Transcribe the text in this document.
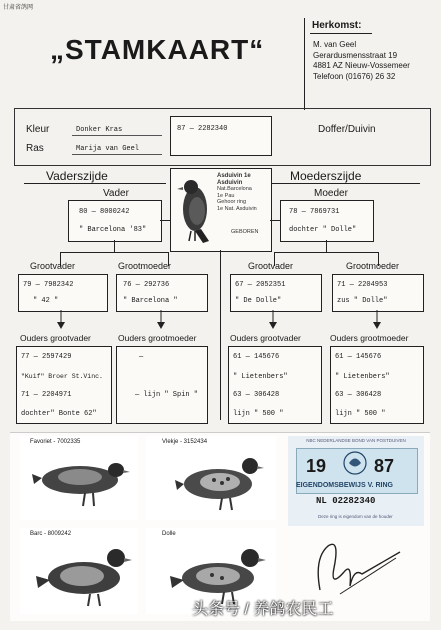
甘肃省鸽网
„STAMKAART“
Herkomst:
M. van Geel
Gerardusmensstraat 19
4881 AZ Nieuw-Vossemeer
Telefoon (01676) 26 32
Kleur	Donker Kras
Ras	Marija van Geel
87 — 2282340	Doffer/Duivin
Vaderszijde	Moederszijde
Asduivin 1e Asduivin
Nat.Barcelona
1e Pau
Gehoor ring
1e Nat. Asduivin
GEBOREN
Vader
80 — 8000242
" Barcelona '83"
Moeder
78 — 7869731
dochter " Dolle"
Grootvader	Grootmoeder	Grootvader	Grootmoeder
79 — 7982342
" 42 "
76 — 292736
" Barcelona "
67 — 2052351
" De Dolle"
71 — 2204953
zus " Dolle"
Ouders grootvader	Ouders grootmoeder	Ouders grootvader	Ouders grootmoeder
77 — 2597429
"Kuif" Broer St.Vinc.
71 — 2204971
dochter" Bonte 62"
—
— lijn " Spin "
61 — 145676
" Lietenbers"
63 — 306428
lijn " 500 "
61 — 145676
" Lietenbers"
63 — 306428
lijn " 500 "
Favoriet - 7002335	Vlekje - 3152434
Barc - 8009242	Dolle
NBC NEDERLANDSE BOND VAN POSTDUIVEN
19	87
EIGENDOMSBEWIJS V. RING
NL 02282340
Deze ring is eigendom van de houder
头条号 / 养鸽农民工
